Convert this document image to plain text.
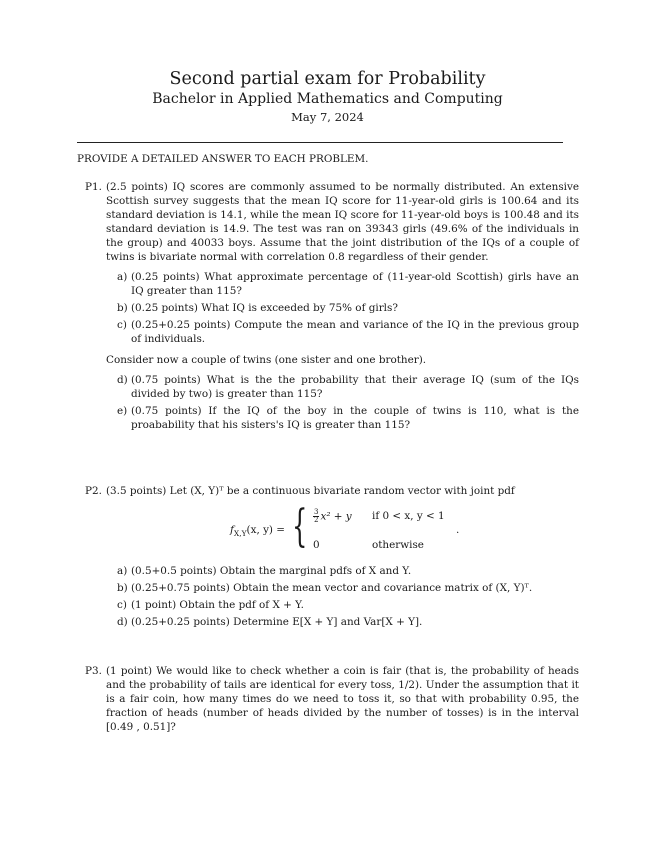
Second partial exam for Probability
Bachelor in Applied Mathematics and Computing
May 7, 2024
PROVIDE A DETAILED ANSWER TO EACH PROBLEM.
P1. (2.5 points) IQ scores are commonly assumed to be normally distributed. An extensive Scottish survey suggests that the mean IQ score for 11-year-old girls is 100.64 and its standard deviation is 14.1, while the mean IQ score for 11-year-old boys is 100.48 and its standard deviation is 14.9. The test was ran on 39343 girls (49.6% of the individuals in the group) and 40033 boys. Assume that the joint distribution of the IQs of a couple of twins is bivariate normal with correlation 0.8 regardless of their gender.
a) (0.25 points) What approximate percentage of (11-year-old Scottish) girls have an IQ greater than 115?
b) (0.25 points) What IQ is exceeded by 75% of girls?
c) (0.25+0.25 points) Compute the mean and variance of the IQ in the previous group of individuals.
Consider now a couple of twins (one sister and one brother).
d) (0.75 points) What is the the probability that their average IQ (sum of the IQs divided by two) is greater than 115?
e) (0.75 points) If the IQ of the boy in the couple of twins is 110, what is the proabability that his sisters's IQ is greater than 115?
P2. (3.5 points) Let (X, Y)ᵀ be a continuous bivariate random vector with joint pdf
$f_{X,Y}(x$, y) = { $\frac{3}{2} x^2 + y$ if 0 < x, y < 1
0	otherwise
.
a) (0.5+0.5 points) Obtain the marginal pdfs of X and Y.
b) (0.25+0.75 points) Obtain the mean vector and covariance matrix of (X, Y)ᵀ.
c) (1 point) Obtain the pdf of X + Y.
d) (0.25+0.25 points) Determine E[X + Y] and Var[X + Y].
P3. (1 point) We would like to check whether a coin is fair (that is, the probability of heads and the probability of tails are identical for every toss, 1/2). Under the assumption that it is a fair coin, how many times do we need to toss it, so that with probability 0.95, the fraction of heads (number of heads divided by the number of tosses) is in the interval [0.49 , 0.51]?
